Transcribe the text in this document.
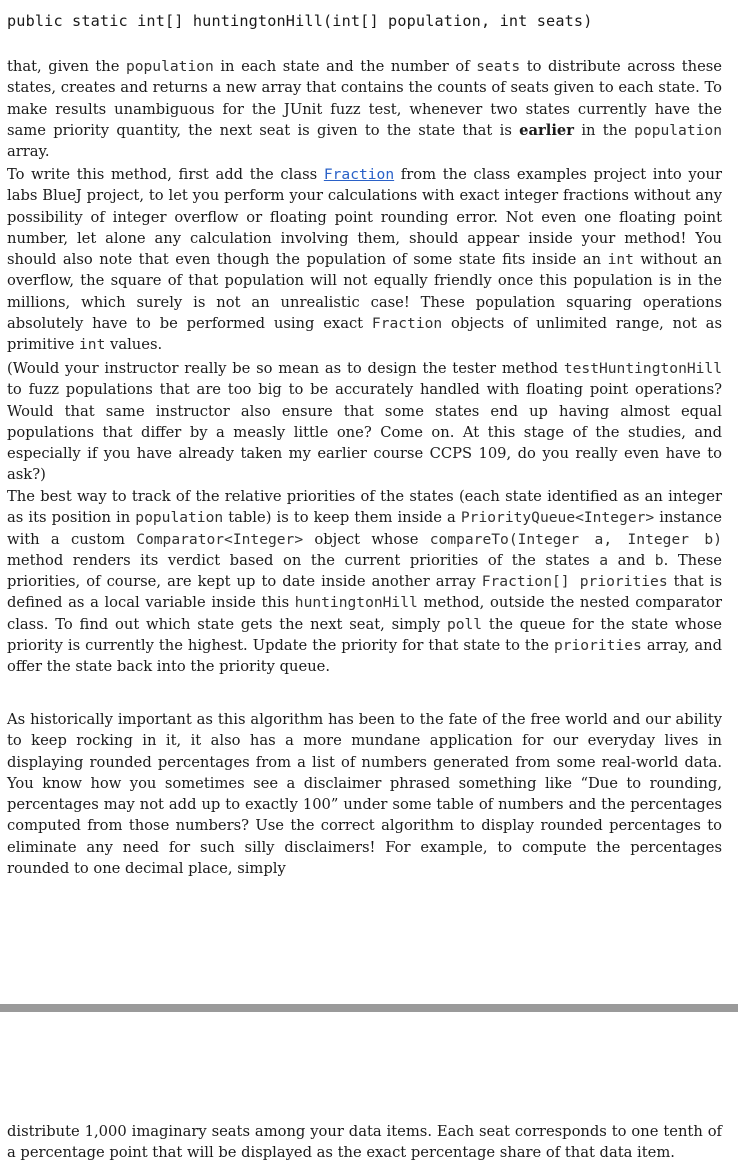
public static int[] huntingtonHill(int[] population, int seats)

that, given the population in each state and the number of seats to distribute across these states, creates and returns a new array that contains the counts of seats given to each state. To make results unambiguous for the JUnit fuzz test, whenever two states currently have the same priority quantity, the next seat is given to the state that is earlier in the population array.

To write this method, first add the class Fraction from the class examples project into your labs BlueJ project, to let you perform your calculations with exact integer fractions without any possibility of integer overflow or floating point rounding error. Not even one floating point number, let alone any calculation involving them, should appear inside your method! You should also note that even though the population of some state fits inside an int without an overflow, the square of that population will not equally friendly once this population is in the millions, which surely is not an unrealistic case! These population squaring operations absolutely have to be performed using exact Fraction objects of unlimited range, not as primitive int values.

(Would your instructor really be so mean as to design the tester method testHuntingtonHill to fuzz populations that are too big to be accurately handled with floating point operations? Would that same instructor also ensure that some states end up having almost equal populations that differ by a measly little one? Come on. At this stage of the studies, and especially if you have already taken my earlier course CCPS 109, do you really even have to ask?)

The best way to track of the relative priorities of the states (each state identified as an integer as its position in population table) is to keep them inside a PriorityQueue<Integer> instance with a custom Comparator<Integer> object whose compareTo(Integer a, Integer b) method renders its verdict based on the current priorities of the states a and b. These priorities, of course, are kept up to date inside another array Fraction[] priorities that is defined as a local variable inside this huntingtonHill method, outside the nested comparator class. To find out which state gets the next seat, simply poll the queue for the state whose priority is currently the highest. Update the priority for that state to the priorities array, and offer the state back into the priority queue.

As historically important as this algorithm has been to the fate of the free world and our ability to keep rocking in it, it also has a more mundane application for our everyday lives in displaying rounded percentages from a list of numbers generated from some real-world data. You know how you sometimes see a disclaimer phrased something like “Due to rounding, percentages may not add up to exactly 100” under some table of numbers and the percentages computed from those numbers? Use the correct algorithm to display rounded percentages to eliminate any need for such silly disclaimers! For example, to compute the percentages rounded to one decimal place, simply

distribute 1,000 imaginary seats among your data items. Each seat corresponds to one tenth of a percentage point that will be displayed as the exact percentage share of that data item.
